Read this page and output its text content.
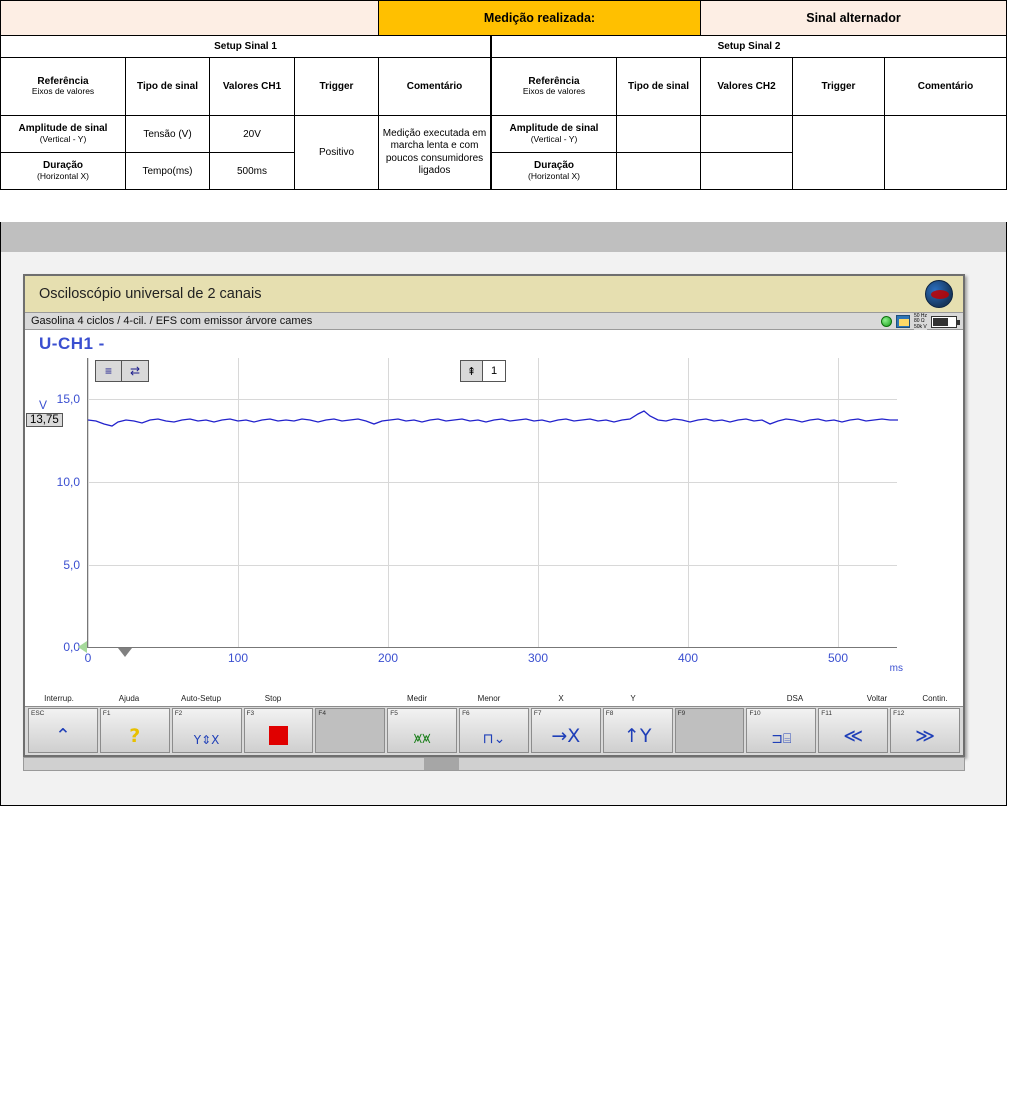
Medição realizada:	Sinal alternador
Setup Sinal 1				
Referência
Eixos de valores	Tipo de sinal	Valores CH1	Trigger	Comentário
Amplitude de sinal
(Vertical - Y)	Tensão (V)	20V	Positivo	Medição executada em marcha lenta e com poucos consumidores ligados
Duração
(Horizontal X)	Tempo(ms)	500ms		
Setup Sinal 2				
Referência
Eixos de valores	Tipo de sinal	Valores CH2	Trigger	Comentário
Amplitude de sinal
(Vertical - Y)				

Duração
(Horizontal X)				

Osciloscópio universal de 2 canais
Gasolina 4 ciclos / 4-cil. / EFS com emissor árvore cames	50 Hz
80 Ω
50k V
U-CH1 -
≡	⇄	⇞	1
V 15,0
10,0
5,0
0,0
13,75
0	100	200	300	400	500
ms
Interrup.	Ajuda	Auto-Setup	Stop	Medir	Menor	X	Y	DSA	Voltar	Contin.
ESC
⌃
F1
?
F2
Y⇕X
F3	F4	F5
⩙⩙
F6
⊓⌄
F7
→X
F8
↑Y
F9	F10
⊐⌸
F11
≪
F12
≫
